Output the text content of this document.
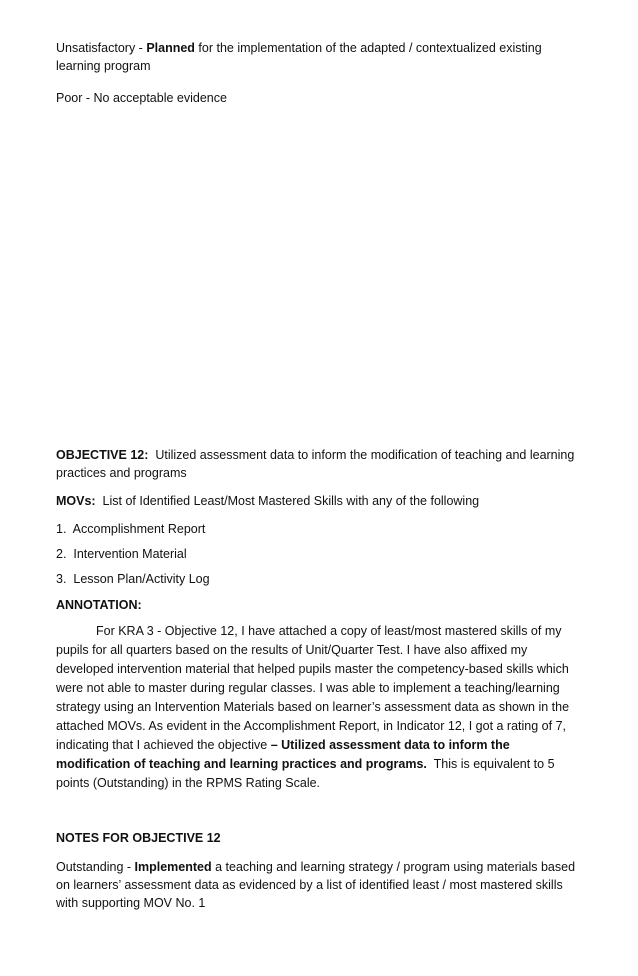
Unsatisfactory - Planned for the implementation of the adapted / contextualized existing learning program

Poor - No acceptable evidence

OBJECTIVE 12:  Utilized assessment data to inform the modification of teaching and learning practices and programs

MOVs:  List of Identified Least/Most Mastered Skills with any of the following

1.  Accomplishment Report

2.  Intervention Material

3.  Lesson Plan/Activity Log

ANNOTATION:

For KRA 3 - Objective 12, I have attached a copy of least/most mastered skills of my pupils for all quarters based on the results of Unit/Quarter Test. I have also affixed my developed intervention material that helped pupils master the competency-based skills which were not able to master during regular classes. I was able to implement a teaching/learning strategy using an Intervention Materials based on learner’s assessment data as shown in the attached MOVs. As evident in the Accomplishment Report, in Indicator 12, I got a rating of 7, indicating that I achieved the objective – Utilized assessment data to inform the modification of teaching and learning practices and programs.  This is equivalent to 5 points (Outstanding) in the RPMS Rating Scale.

NOTES FOR OBJECTIVE 12

Outstanding - Implemented a teaching and learning strategy / program using materials based on learners’ assessment data as evidenced by a list of identified least / most mastered skills with supporting MOV No. 1
